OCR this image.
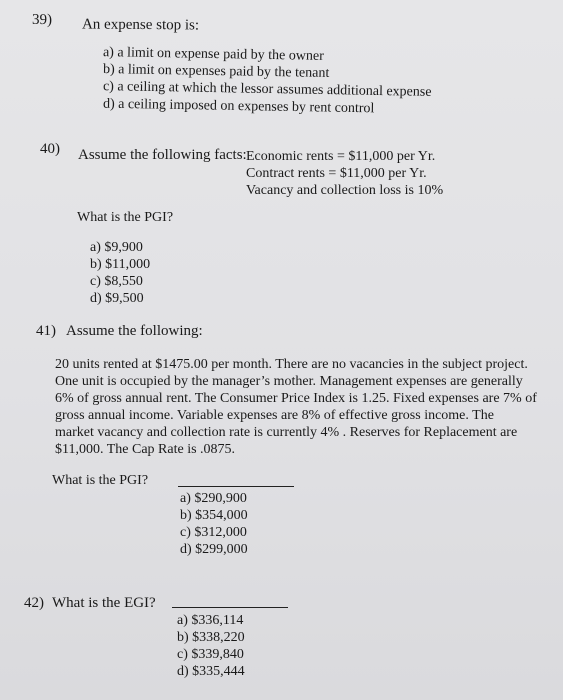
39) An expense stop is:
a) a limit on expense paid by the owner
b) a limit on expenses paid by the tenant
c) a ceiling at which the lessor assumes additional expense
d) a ceiling imposed on expenses by rent control
40) Assume the following facts: Economic rents = $11,000 per Yr.
Contract rents = $11,000 per Yr.
Vacancy and collection loss is 10%
What is the PGI?
a) $9,900
b) $11,000
c) $8,550
d) $9,500
41) Assume the following:
20 units rented at $1475.00 per month. There are no vacancies in the subject project.
One unit is occupied by the manager’s mother. Management expenses are generally
6% of gross annual rent. The Consumer Price Index is 1.25. Fixed expenses are 7% of
gross annual income. Variable expenses are 8% of effective gross income. The
market vacancy and collection rate is currently 4% . Reserves for Replacement are
$11,000. The Cap Rate is .0875.
What is the PGI?
a) $290,900
b) $354,000
c) $312,000
d) $299,000
42) What is the EGI?
a) $336,114
b) $338,220
c) $339,840
d) $335,444
